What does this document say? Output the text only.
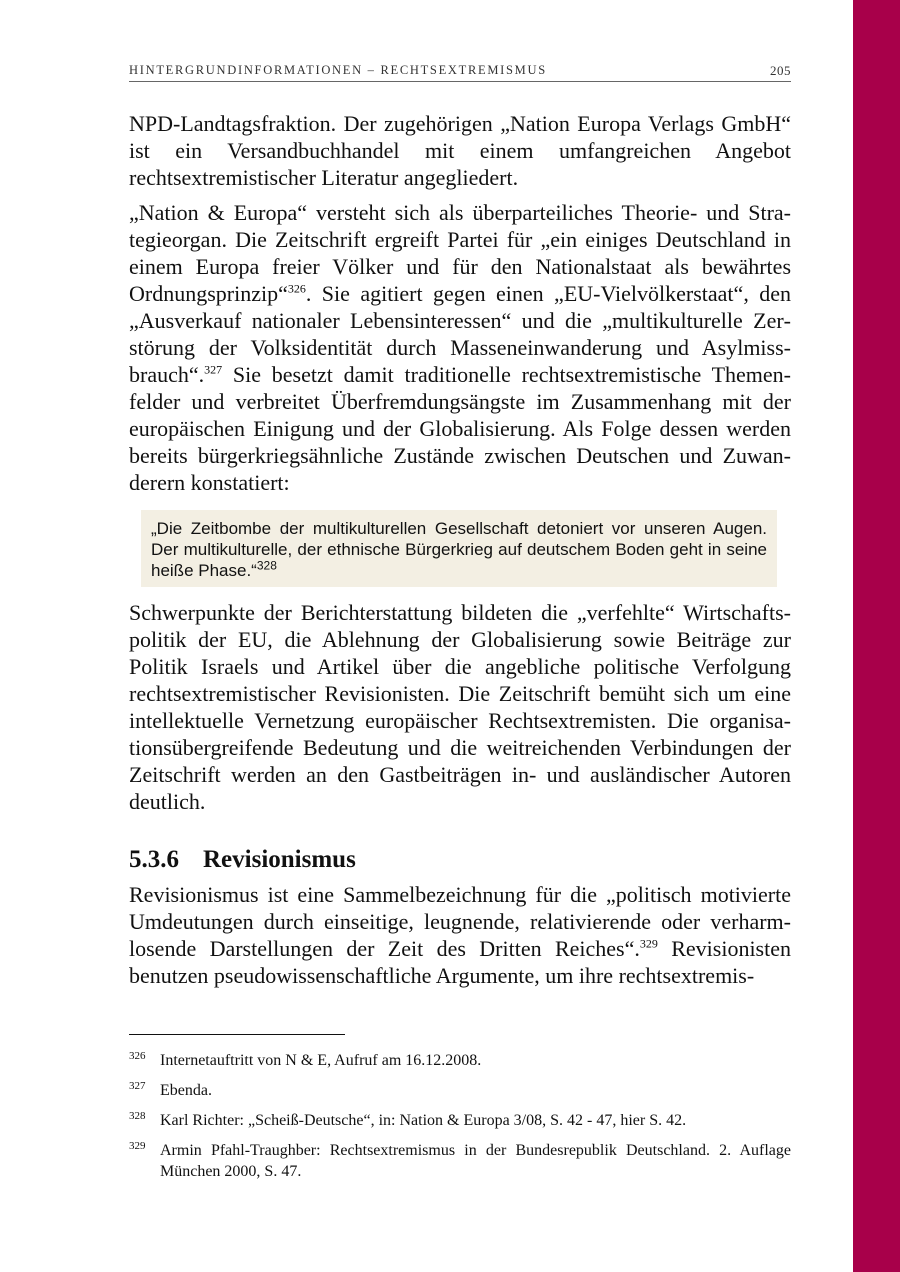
HINTERGRUNDINFORMATIONEN – RECHTSEXTREMISMUS	205

NPD-Landtagsfraktion. Der zugehörigen „Nation Europa Verlags GmbH“ ist ein Versandbuchhandel mit einem umfangreichen Angebot rechtsextremistischer Literatur angegliedert.

„Nation & Europa“ versteht sich als überparteiliches Theorie- und Strategieorgan. Die Zeitschrift ergreift Partei für „ein einiges Deutschland in einem Europa freier Völker und für den Nationalstaat als bewährtes Ordnungsprinzip“$^{326}$. Sie agitiert gegen einen „EU-Vielvölkerstaat“, den „Ausverkauf nationaler Lebensinteressen“ und die „multikulturelle Zerstörung der Volksidentität durch Masseneinwanderung und Asylmissbrauch“.$^{327}$ Sie besetzt damit traditionelle rechtsextremistische Themenfelder und verbreitet Überfremdungsängste im Zusammenhang mit der europäischen Einigung und der Globalisierung. Als Folge dessen werden bereits bürgerkriegsähnliche Zustände zwischen Deutschen und Zuwanderern konstatiert:

„Die Zeitbombe der multikulturellen Gesellschaft detoniert vor unseren Augen. Der multikulturelle, der ethnische Bürgerkrieg auf deutschem Boden geht in seine heiße Phase.“$^{328}$

Schwerpunkte der Berichterstattung bildeten die „verfehlte“ Wirtschaftspolitik der EU, die Ablehnung der Globalisierung sowie Beiträge zur Politik Israels und Artikel über die angebliche politische Verfolgung rechtsextremistischer Revisionisten. Die Zeitschrift bemüht sich um eine intellektuelle Vernetzung europäischer Rechtsextremisten. Die organisationsübergreifende Bedeutung und die weitreichenden Verbindungen der Zeitschrift werden an den Gastbeiträgen in- und ausländischer Autoren deutlich.

5.3.6 Revisionismus

Revisionismus ist eine Sammelbezeichnung für die „politisch motivierte Umdeutungen durch einseitige, leugnende, relativierende oder verharmlosende Darstellungen der Zeit des Dritten Reiches“.$^{329}$ Revisionisten benutzen pseudowissenschaftliche Argumente, um ihre rechtsextremis-

326 Internetauftritt von N & E, Aufruf am 16.12.2008.
327 Ebenda.
328 Karl Richter: „Scheiß-Deutsche“, in: Nation & Europa 3/08, S. 42 - 47, hier S. 42.
329 Armin Pfahl-Traughber: Rechtsextremismus in der Bundesrepublik Deutschland. 2. Auflage München 2000, S. 47.
